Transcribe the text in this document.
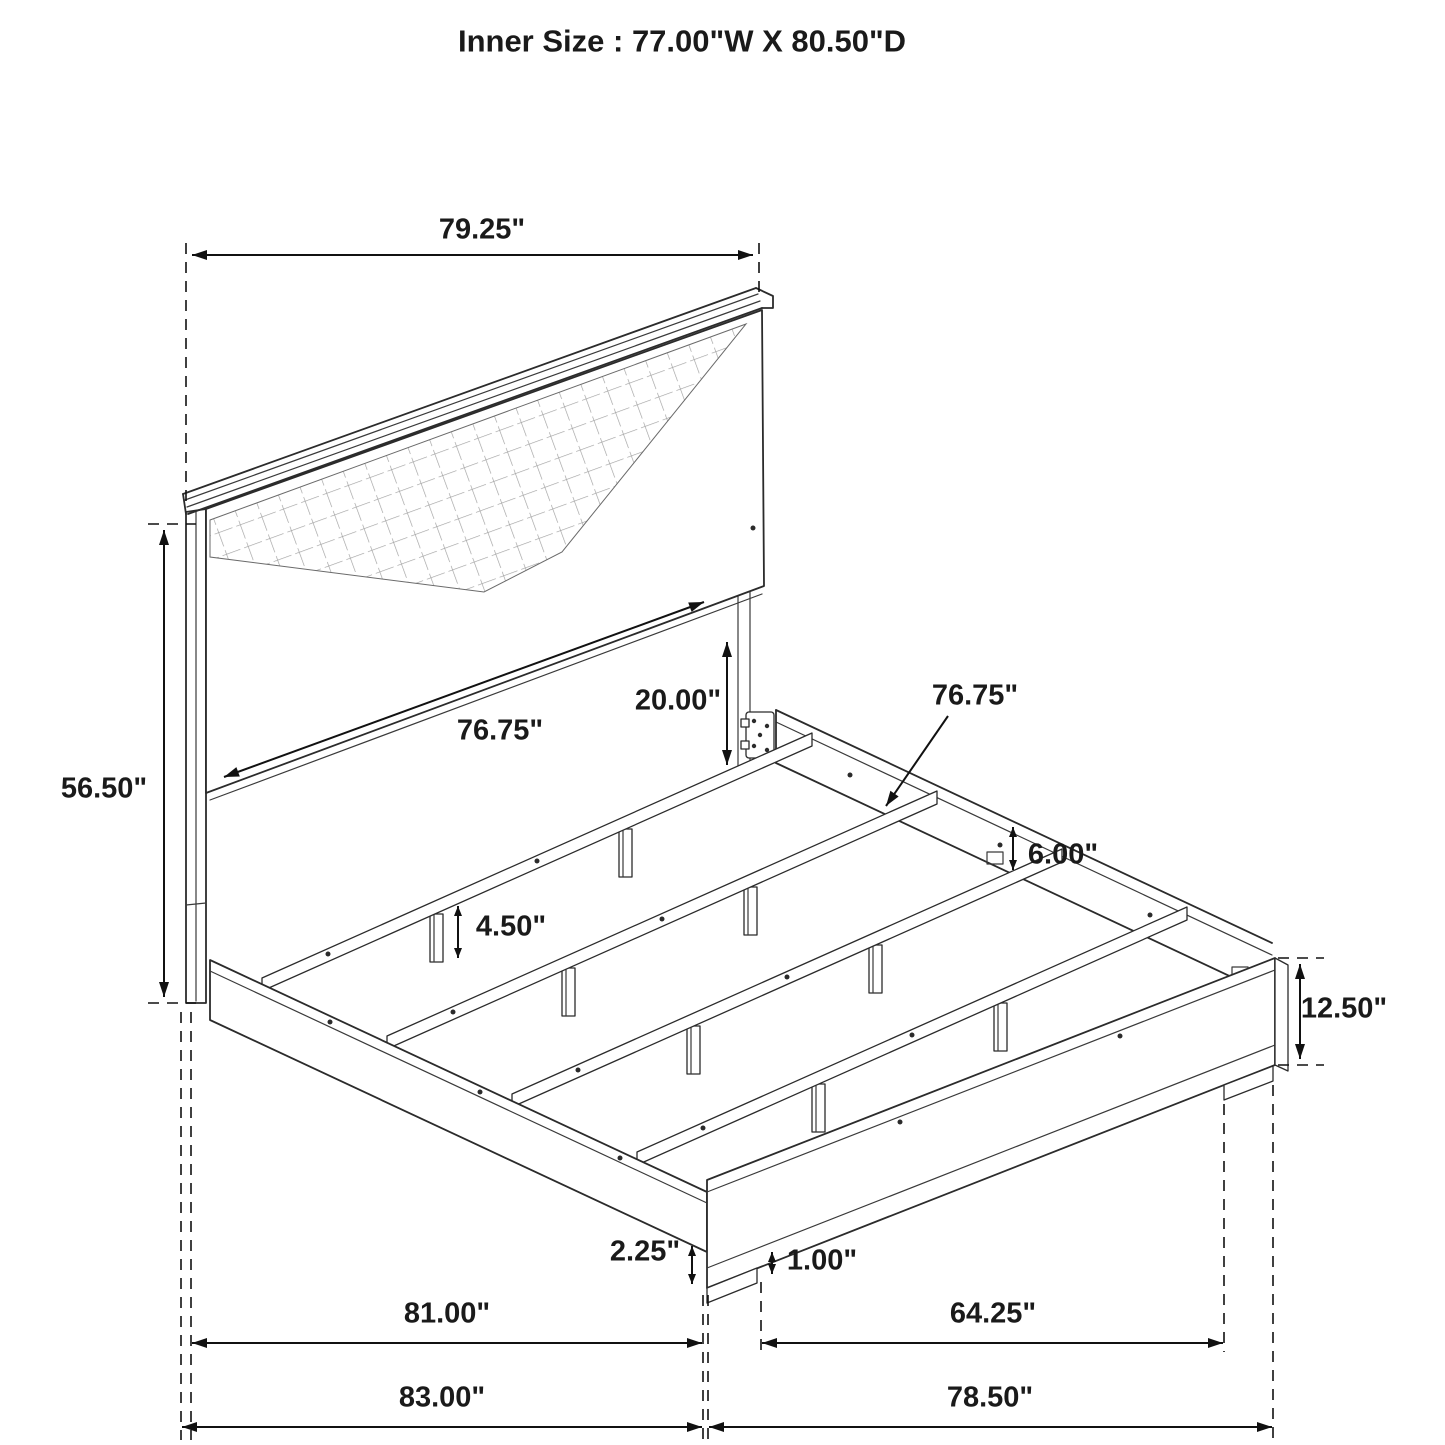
Inner Size : 77.00"W X 80.50"D
79.25"
56.50"
76.75"
20.00"	76.75"
6.00"
4.50"
12.50"
2.25"	1.00"
81.00"	64.25"
83.00"	78.50"
